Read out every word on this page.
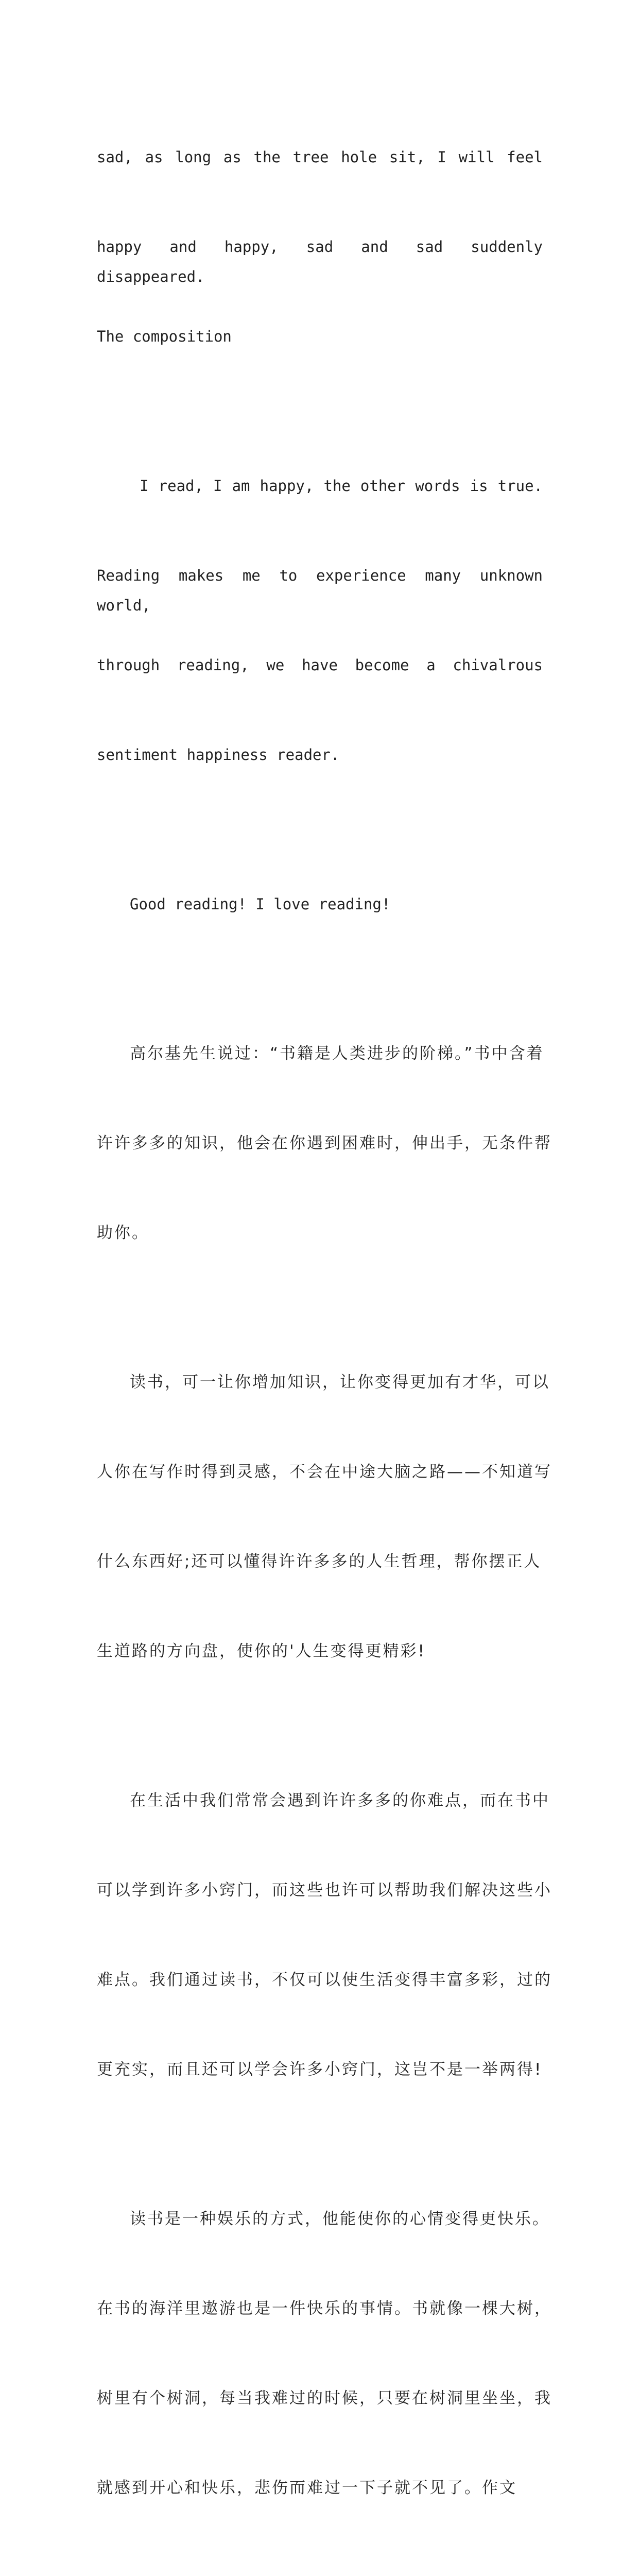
sad, as long as the tree hole sit, I will feel

happy and happy, sad and sad suddenly disappeared.

The composition

I read, I am happy, the other words is true.

Reading makes me to experience many unknown world,

through reading, we have become a chivalrous

sentiment happiness reader.

Good reading! I love reading!

高尔基先生说过：“书籍是人类进步的阶梯。”书中含着

许许多多的知识，他会在你遇到困难时，伸出手，无条件帮

助你。

读书，可一让你增加知识，让你变得更加有才华，可以

人你在写作时得到灵感，不会在中途大脑之路——不知道写

什么东西好;还可以懂得许许多多的人生哲理，帮你摆正人

生道路的方向盘，使你的'人生变得更精彩!

在生活中我们常常会遇到许许多多的你难点，而在书中

可以学到许多小窍门，而这些也许可以帮助我们解决这些小

难点。我们通过读书，不仅可以使生活变得丰富多彩，过的

更充实，而且还可以学会许多小窍门，这岂不是一举两得!

读书是一种娱乐的方式，他能使你的心情变得更快乐。

在书的海洋里遨游也是一件快乐的事情。书就像一棵大树，

树里有个树洞，每当我难过的时候，只要在树洞里坐坐，我

就感到开心和快乐，悲伤而难过一下子就不见了。作文
